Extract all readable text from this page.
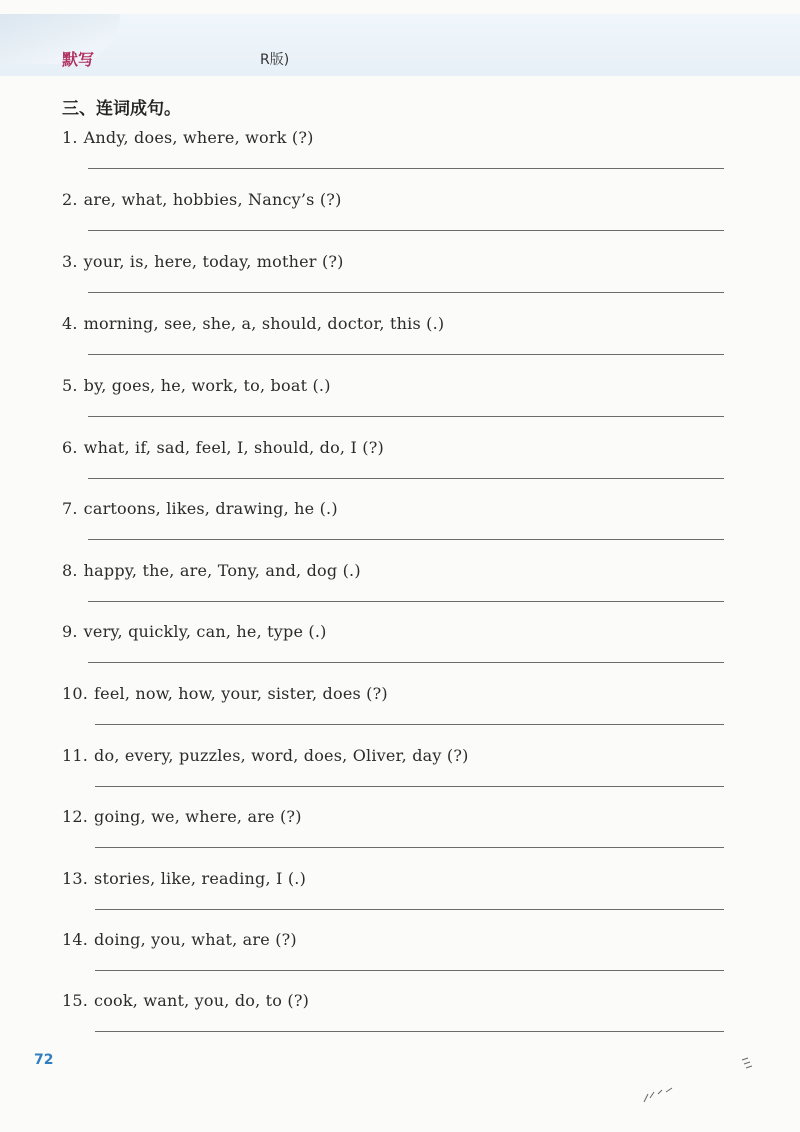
默写	R版)
三、连词成句。
1. Andy, does, where, work (?)
2. are, what, hobbies, Nancy’s (?)
3. your, is, here, today, mother (?)
4. morning, see, she, a, should, doctor, this (.)
5. by, goes, he, work, to, boat (.)
6. what, if, sad, feel, I, should, do, I (?)
7. cartoons, likes, drawing, he (.)
8. happy, the, are, Tony, and, dog (.)
9. very, quickly, can, he, type (.)
10. feel, now, how, your, sister, does (?)
11. do, every, puzzles, word, does, Oliver, day (?)
12. going, we, where, are (?)
13. stories, like, reading, I (.)
14. doing, you, what, are (?)
15. cook, want, you, do, to (?)
72
